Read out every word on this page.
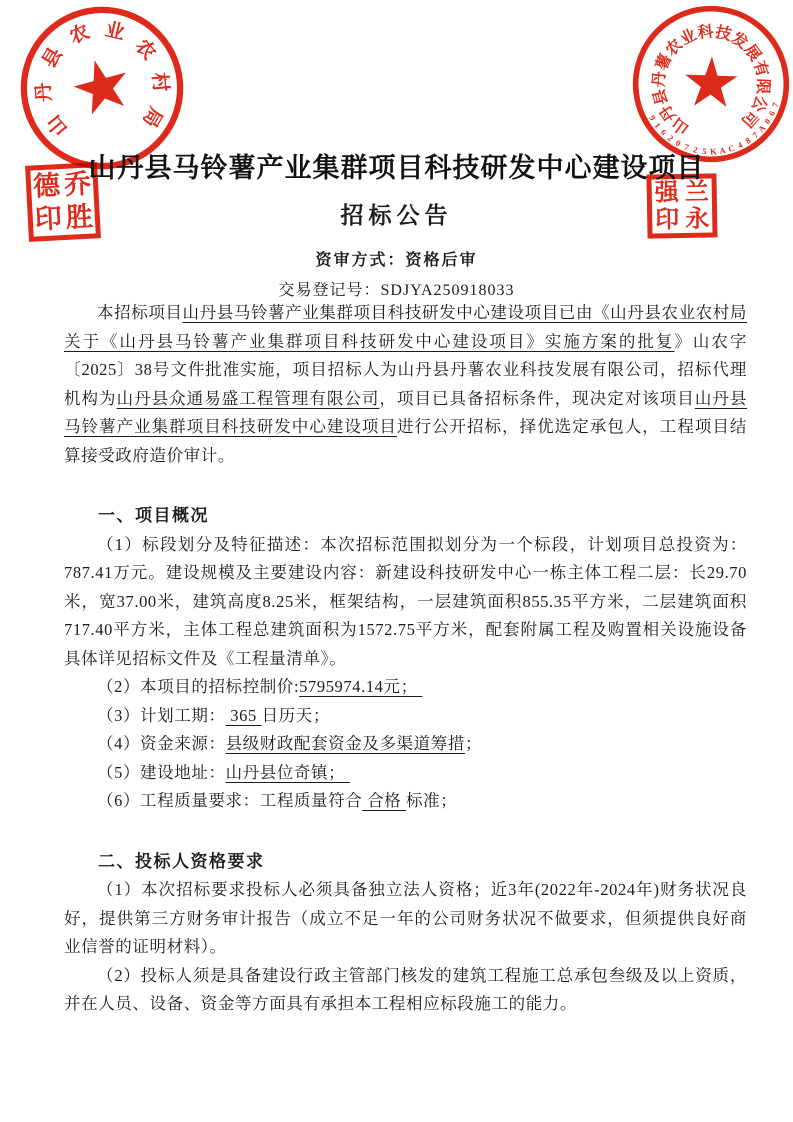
山
丹
县
农 业
农
村
局	山
丹
县
丹
薯
农
业
科 技
发
展
有
限
公
司
9
1
6
2
0 7 2 5 K A C 4 8
7
A
0
6
7
德 乔
印 胜
强 兰
印 永
山丹县马铃薯产业集群项目科技研发中心建设项目
招标公告
资审方式：资格后审
交易登记号：SDJYA250918033

本招标项目山丹县马铃薯产业集群项目科技研发中心建设项目已由《山丹县农业农村局关于《山丹县马铃薯产业集群项目科技研发中心建设项目》实施方案的批复》山农字〔2025〕38号文件批准实施，项目招标人为山丹县丹薯农业科技发展有限公司，招标代理机构为山丹县众通易盛工程管理有限公司，项目已具备招标条件，现决定对该项目山丹县马铃薯产业集群项目科技研发中心建设项目进行公开招标，择优选定承包人，工程项目结算接受政府造价审计。

一、项目概况

（1）标段划分及特征描述：本次招标范围拟划分为一个标段，计划项目总投资为：787.41万元。建设规模及主要建设内容：新建设科技研发中心一栋主体工程二层：长29.70米，宽37.00米，建筑高度8.25米，框架结构，一层建筑面积855.35平方米，二层建筑面积717.40平方米，主体工程总建筑面积为1572.75平方米，配套附属工程及购置相关设施设备具体详见招标文件及《工程量清单》。

（2）本项目的招标控制价:5795974.14元；

（3）计划工期： 365 日历天；

（4）资金来源：县级财政配套资金及多渠道筹措；

（5）建设地址：山丹县位奇镇；

（6）工程质量要求：工程质量符合 合格 标准；

二、投标人资格要求

（1）本次招标要求投标人必须具备独立法人资格；近3年(2022年-2024年)财务状况良好，提供第三方财务审计报告（成立不足一年的公司财务状况不做要求，但须提供良好商业信誉的证明材料）。

（2）投标人须是具备建设行政主管部门核发的建筑工程施工总承包叁级及以上资质，并在人员、设备、资金等方面具有承担本工程相应标段施工的能力。
